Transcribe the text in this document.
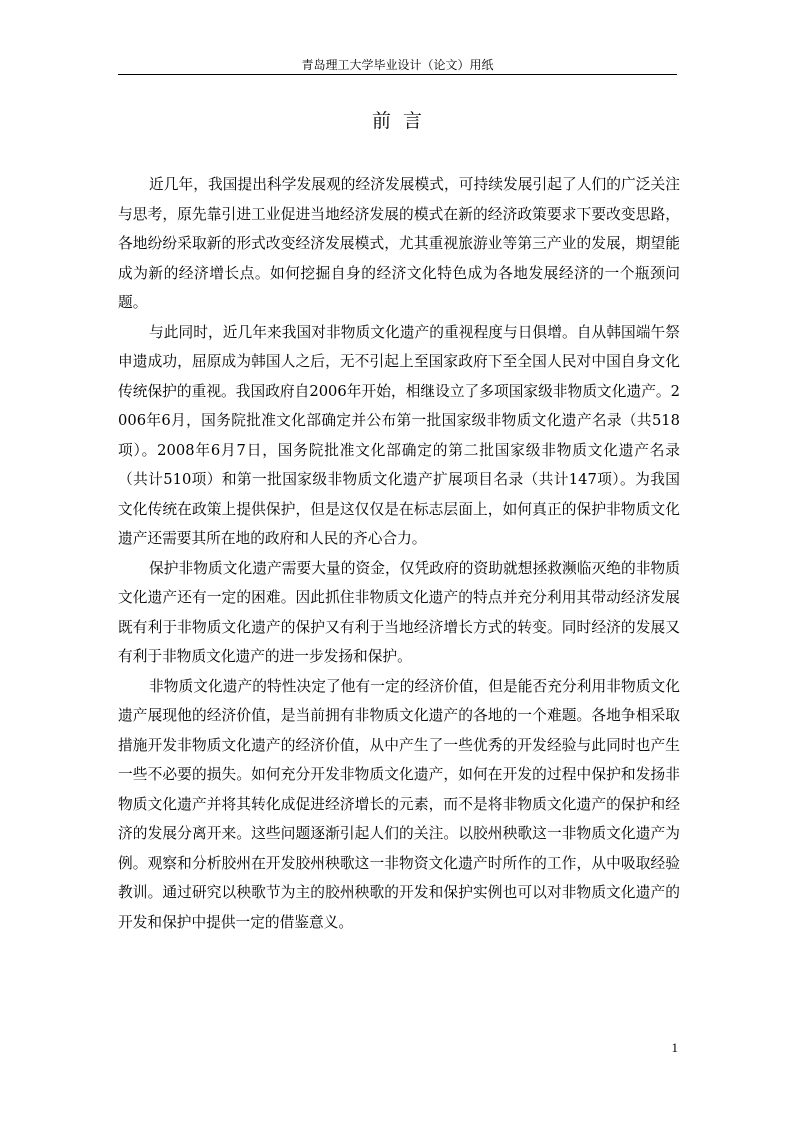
青岛理工大学毕业设计（论文）用纸
前言

近几年，我国提出科学发展观的经济发展模式，可持续发展引起了人们的广泛关注与思考，原先靠引进工业促进当地经济发展的模式在新的经济政策要求下要改变思路，各地纷纷采取新的形式改变经济发展模式，尤其重视旅游业等第三产业的发展，期望能成为新的经济增长点。如何挖掘自身的经济文化特色成为各地发展经济的一个瓶颈问题。

与此同时，近几年来我国对非物质文化遗产的重视程度与日俱增。自从韩国端午祭申遗成功，屈原成为韩国人之后，无不引起上至国家政府下至全国人民对中国自身文化传统保护的重视。我国政府自2006年开始，相继设立了多项国家级非物质文化遗产。2006年6月，国务院批准文化部确定并公布第一批国家级非物质文化遗产名录（共518项）。2008年6月7日，国务院批准文化部确定的第二批国家级非物质文化遗产名录（共计510项）和第一批国家级非物质文化遗产扩展项目名录（共计147项）。为我国文化传统在政策上提供保护，但是这仅仅是在标志层面上，如何真正的保护非物质文化遗产还需要其所在地的政府和人民的齐心合力。

保护非物质文化遗产需要大量的资金，仅凭政府的资助就想拯救濒临灭绝的非物质文化遗产还有一定的困难。因此抓住非物质文化遗产的特点并充分利用其带动经济发展既有利于非物质文化遗产的保护又有利于当地经济增长方式的转变。同时经济的发展又有利于非物质文化遗产的进一步发扬和保护。

非物质文化遗产的特性决定了他有一定的经济价值，但是能否充分利用非物质文化遗产展现他的经济价值，是当前拥有非物质文化遗产的各地的一个难题。各地争相采取措施开发非物质文化遗产的经济价值，从中产生了一些优秀的开发经验与此同时也产生一些不必要的损失。如何充分开发非物质文化遗产，如何在开发的过程中保护和发扬非物质文化遗产并将其转化成促进经济增长的元素，而不是将非物质文化遗产的保护和经济的发展分离开来。这些问题逐渐引起人们的关注。以胶州秧歌这一非物质文化遗产为例。观察和分析胶州在开发胶州秧歌这一非物资文化遗产时所作的工作，从中吸取经验教训。通过研究以秧歌节为主的胶州秧歌的开发和保护实例也可以对非物质文化遗产的开发和保护中提供一定的借鉴意义。

1
